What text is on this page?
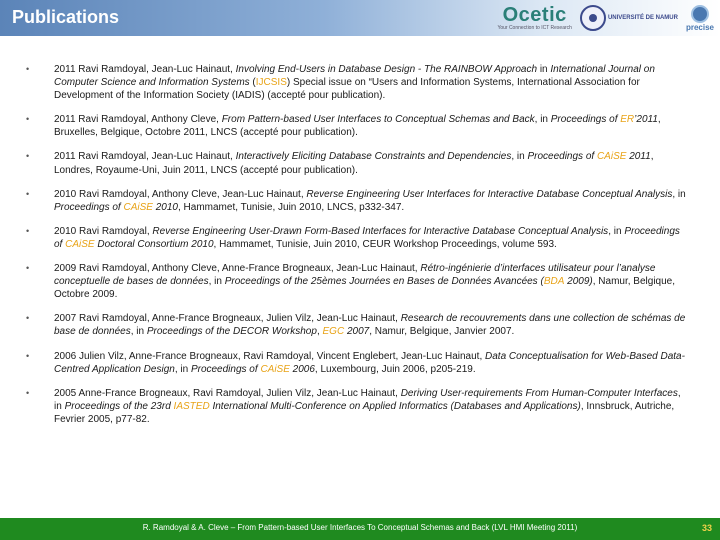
Publications	Ocetic
Your Connection to ICT Research
UNIVERSITÉ DE NAMUR
precise
• 2011 Ravi Ramdoyal, Jean-Luc Hainaut, Involving End-Users in Database Design - The RAINBOW Approach in International Journal on Computer Science and Information Systems (IJCSIS) Special issue on “Users and Information Systems, International Association for Development of the Information Society (IADIS) (accepté pour publication).
• 2011 Ravi Ramdoyal, Anthony Cleve, From Pattern-based User Interfaces to Conceptual Schemas and Back, in Proceedings of ER’2011, Bruxelles, Belgique, Octobre 2011, LNCS (accepté pour publication).
• 2011 Ravi Ramdoyal, Jean-Luc Hainaut, Interactively Eliciting Database Constraints and Dependencies, in Proceedings of CAiSE 2011, Londres, Royaume-Uni, Juin 2011, LNCS (accepté pour publication).
• 2010 Ravi Ramdoyal, Anthony Cleve, Jean-Luc Hainaut, Reverse Engineering User Interfaces for Interactive Database Conceptual Analysis, in Proceedings of CAiSE 2010, Hammamet, Tunisie, Juin 2010, LNCS, p332-347.
• 2010 Ravi Ramdoyal, Reverse Engineering User-Drawn Form-Based Interfaces for Interactive Database Conceptual Analysis, in Proceedings of CAiSE Doctoral Consortium 2010, Hammamet, Tunisie, Juin 2010, CEUR Workshop Proceedings, volume 593.
• 2009 Ravi Ramdoyal, Anthony Cleve, Anne-France Brogneaux, Jean-Luc Hainaut, Rétro-ingénierie d’interfaces utilisateur pour l’analyse conceptuelle de bases de données, in Proceedings of the 25èmes Journées en Bases de Données Avancées (BDA 2009), Namur, Belgique, Octobre 2009.
• 2007 Ravi Ramdoyal, Anne-France Brogneaux, Julien Vilz, Jean-Luc Hainaut, Research de recouvrements dans une collection de schémas de base de données, in Proceedings of the DECOR Workshop, EGC 2007, Namur, Belgique, Janvier 2007.
• 2006 Julien Vilz, Anne-France Brogneaux, Ravi Ramdoyal, Vincent Englebert, Jean-Luc Hainaut, Data Conceptualisation for Web-Based Data-Centred Application Design, in Proceedings of CAiSE 2006, Luxembourg, Juin 2006, p205-219.
• 2005 Anne-France Brogneaux, Ravi Ramdoyal, Julien Vilz, Jean-Luc Hainaut, Deriving User-requirements From Human-Computer Interfaces, in Proceedings of the 23rd IASTED International Multi-Conference on Applied Informatics (Databases and Applications), Innsbruck, Autriche, Fevrier 2005, p77-82.
R. Ramdoyal & A. Cleve – From Pattern-based User Interfaces To Conceptual Schemas and Back (LVL HMI Meeting 2011)	33
